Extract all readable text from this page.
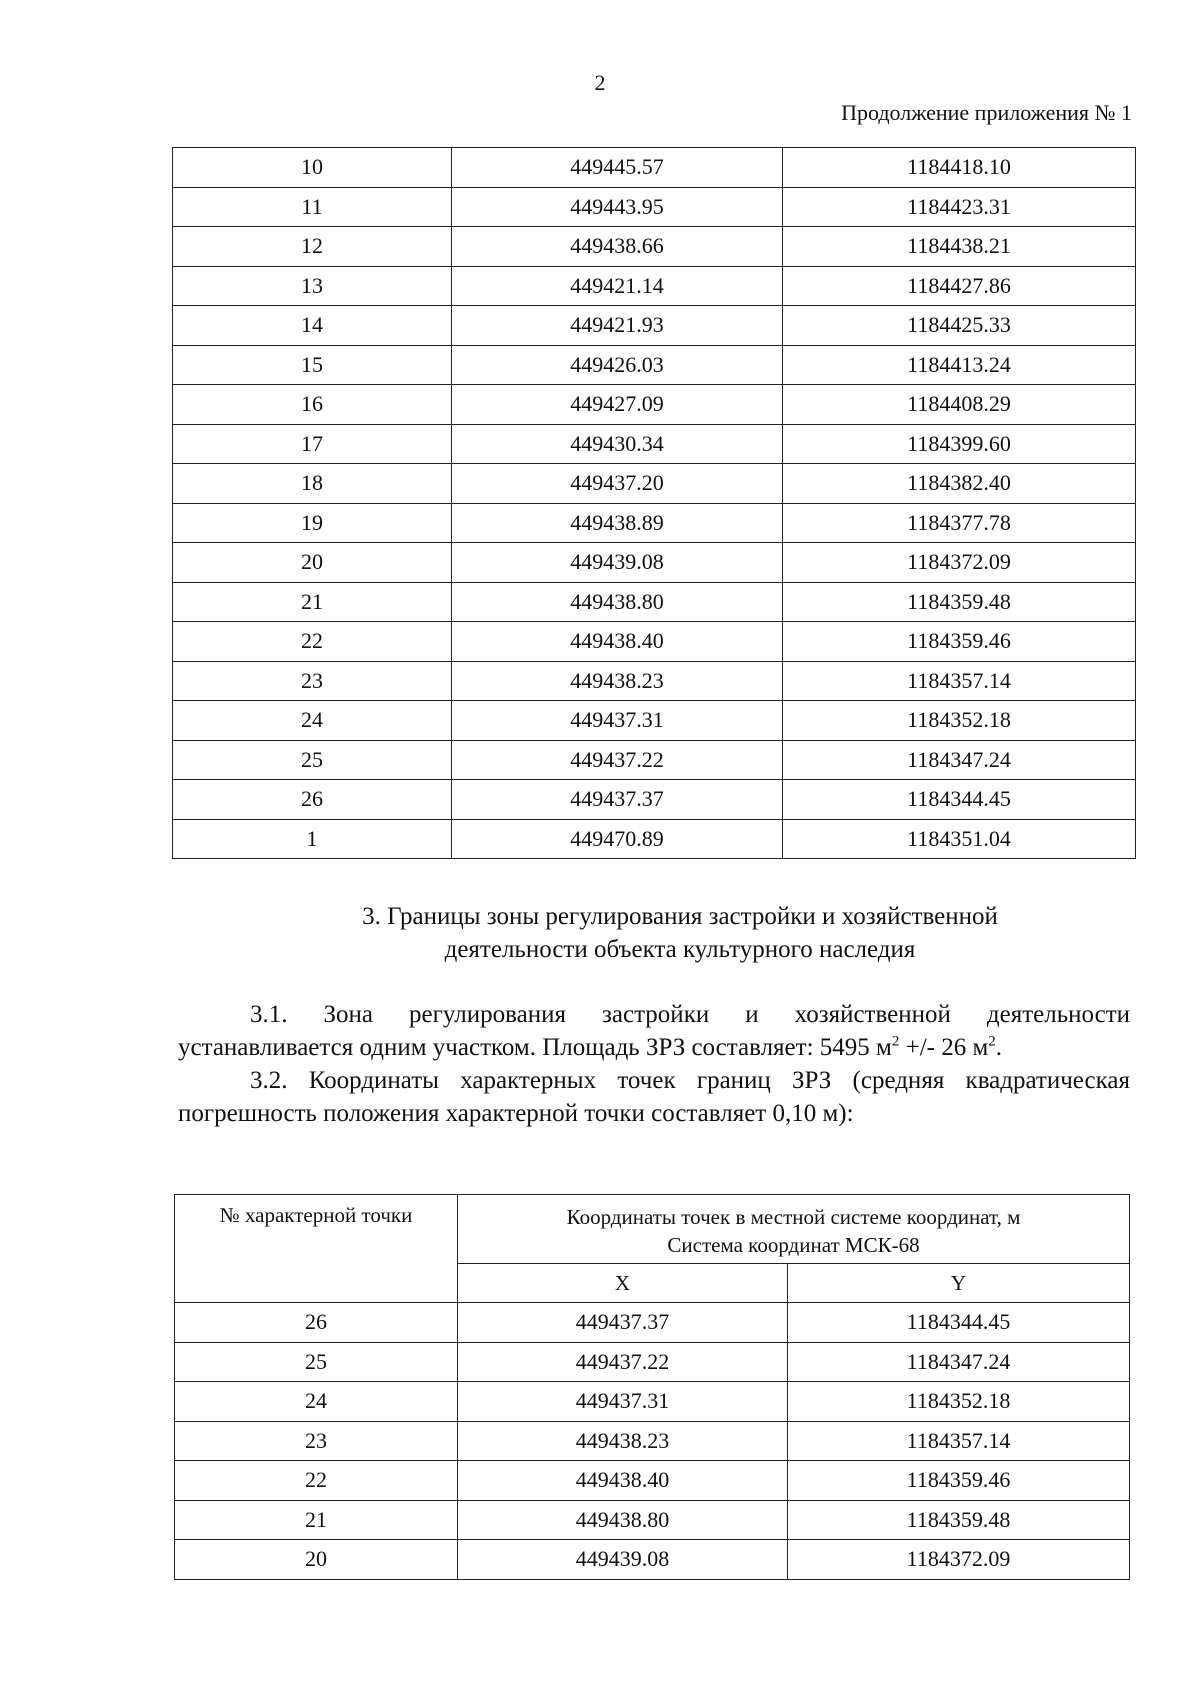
2
Продолжение приложения № 1
10	449445.57	1184418.10
11	449443.95	1184423.31
12	449438.66	1184438.21
13	449421.14	1184427.86
14	449421.93	1184425.33
15	449426.03	1184413.24
16	449427.09	1184408.29
17	449430.34	1184399.60
18	449437.20	1184382.40
19	449438.89	1184377.78
20	449439.08	1184372.09
21	449438.80	1184359.48
22	449438.40	1184359.46
23	449438.23	1184357.14
24	449437.31	1184352.18
25	449437.22	1184347.24
26	449437.37	1184344.45
1	449470.89	1184351.04
3. Границы зоны регулирования застройки и хозяйственной
деятельности объекта культурного наследия
3.1. Зона регулирования застройки и хозяйственной деятельности устанавливается одним участком. Площадь ЗРЗ составляет: 5495 $м^2$ +/- 26 $м^2$.
3.2. Координаты характерных точек границ ЗРЗ (средняя квадратическая погрешность положения характерной точки составляет 0,10 м):
№ характерной точки	Координаты точек в местной системе координат, м
Система координат МСК-68	

	X	Y
26	449437.37	1184344.45
25	449437.22	1184347.24
24	449437.31	1184352.18
23	449438.23	1184357.14
22	449438.40	1184359.46
21	449438.80	1184359.48
20	449439.08	1184372.09
